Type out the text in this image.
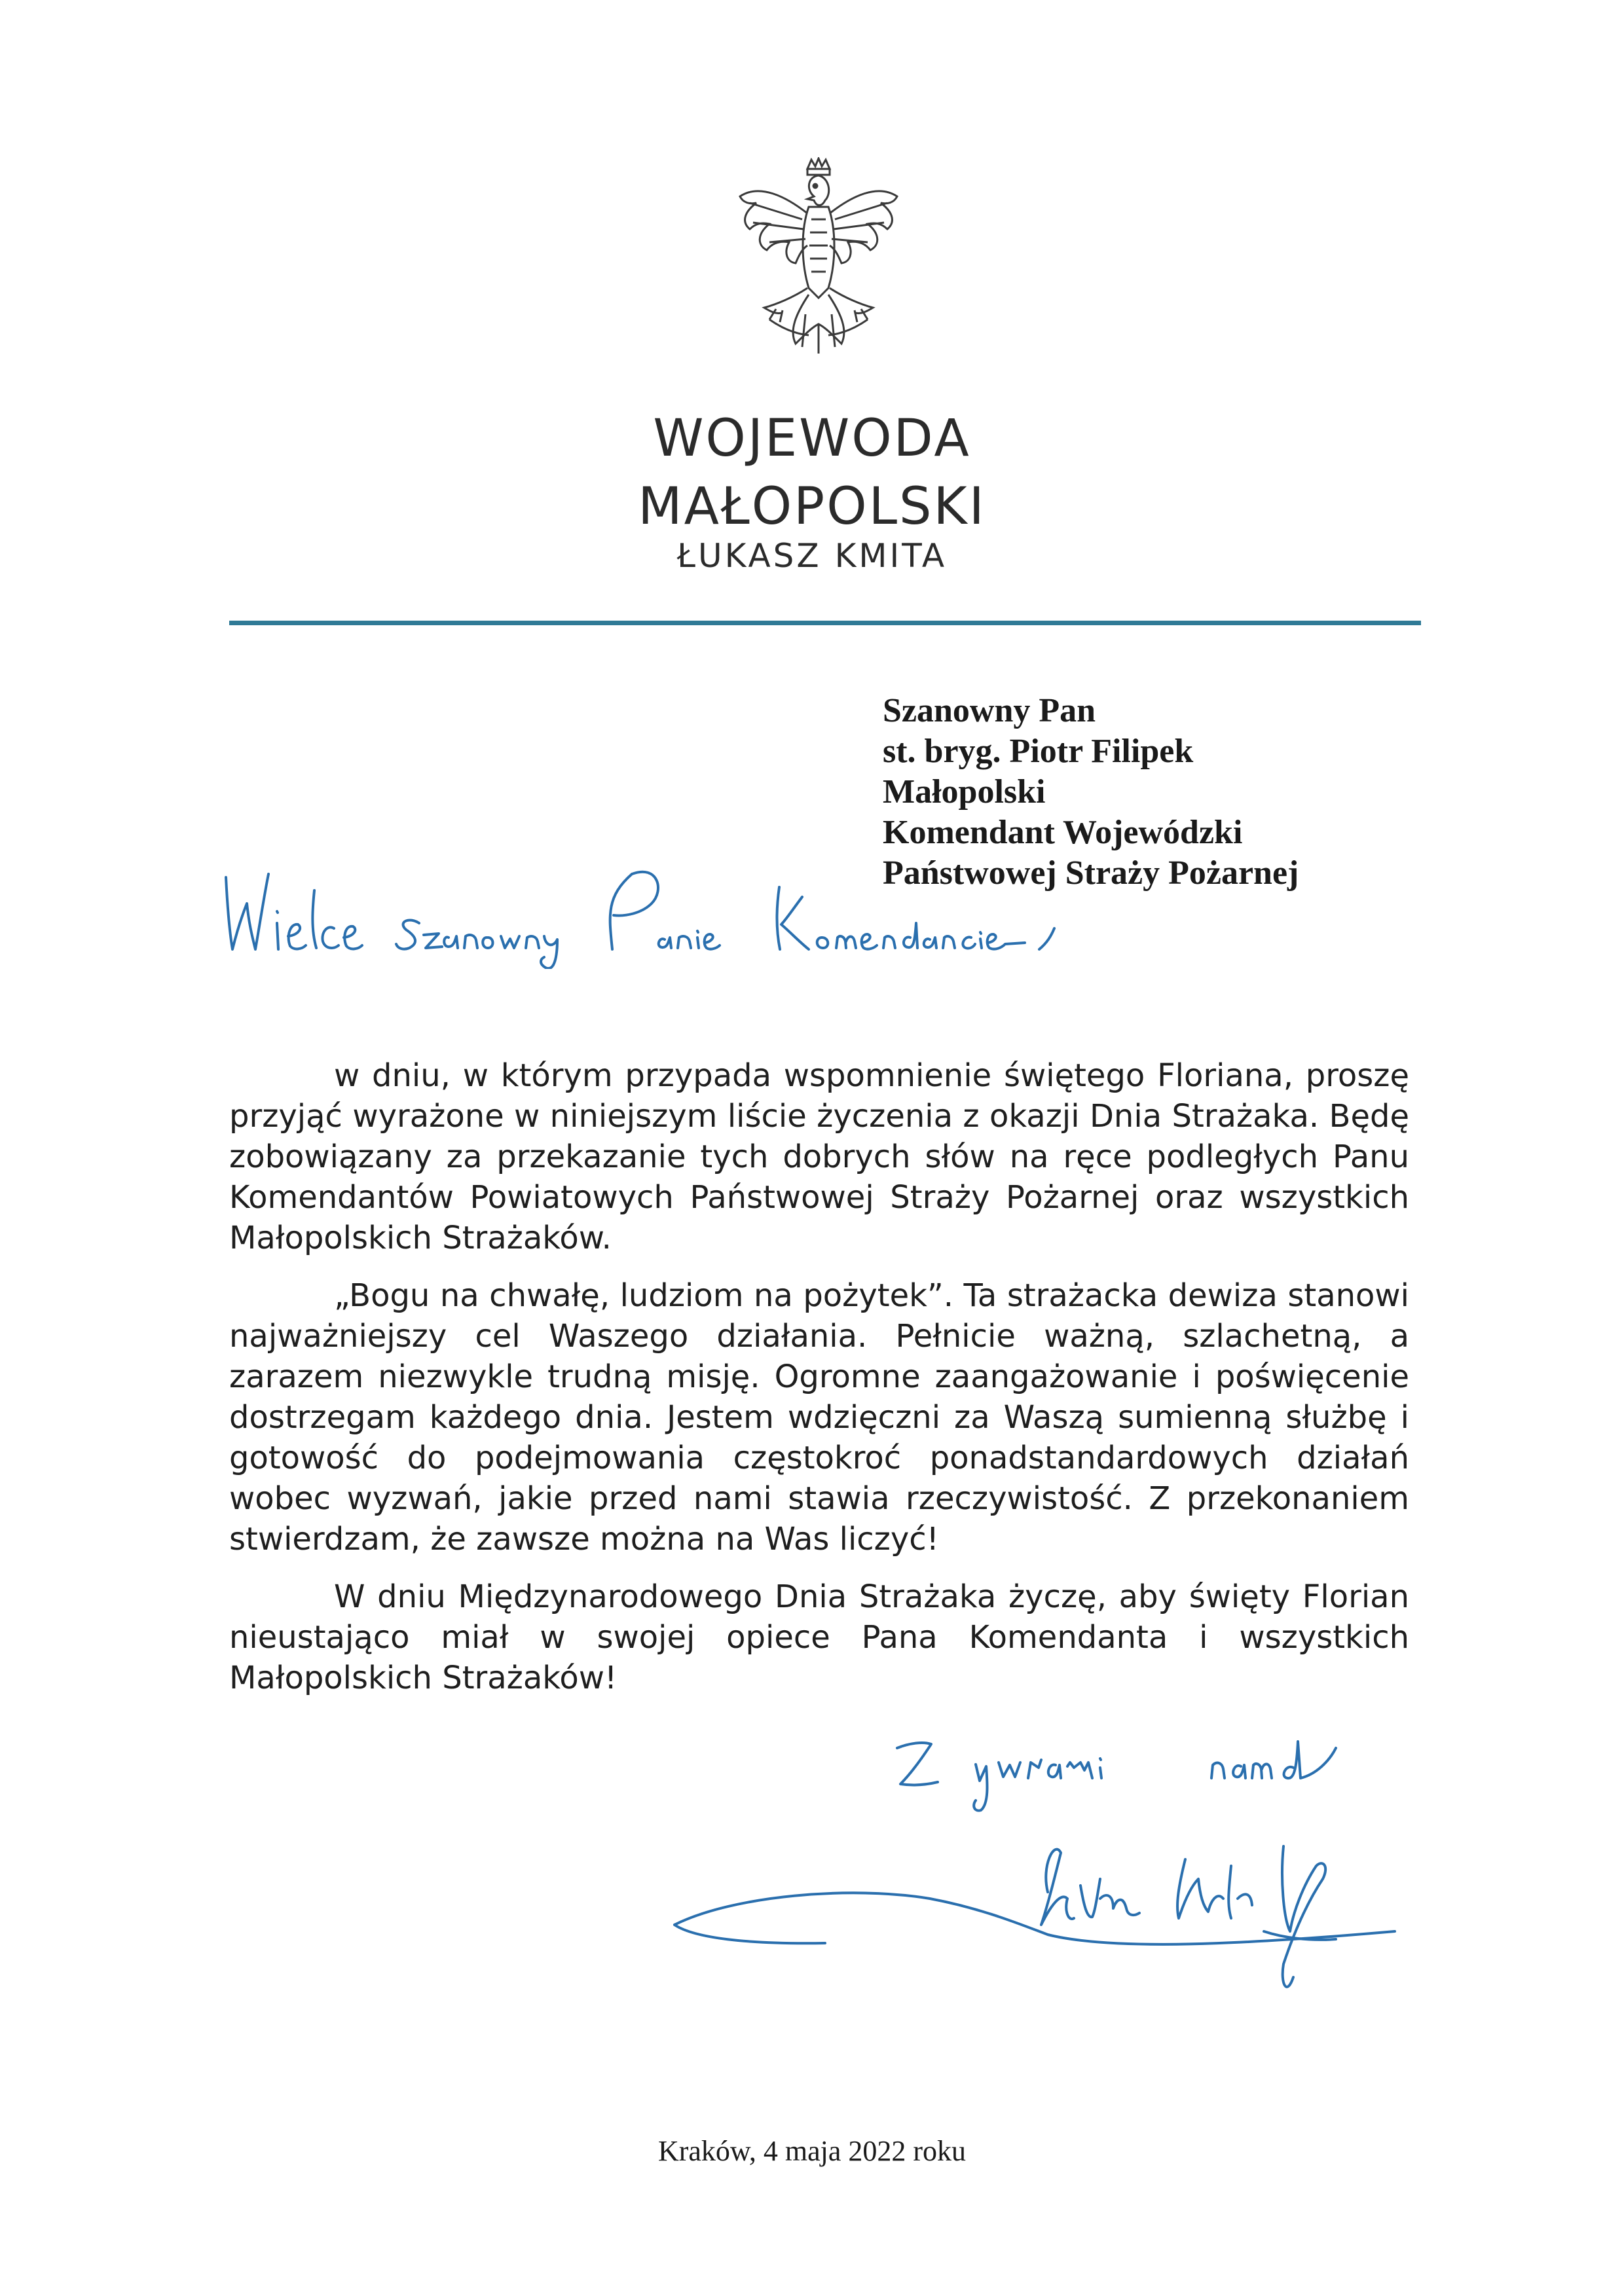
WOJEWODA
MAŁOPOLSKI
ŁUKASZ KMITA
Szanowny Pan
st. bryg. Piotr Filipek
Małopolski
Komendant Wojewódzki
Państwowej Straży Pożarnej

w dniu, w którym przypada wspomnienie świętego Floriana, proszę przyjąć wyrażone w niniejszym liście życzenia z okazji Dnia Strażaka. Będę zobowiązany za przekazanie tych dobrych słów na ręce podległych Panu Komendantów Powiatowych Państwowej Straży Pożarnej oraz wszystkich Małopolskich Strażaków.

„Bogu na chwałę, ludziom na pożytek”. Ta strażacka dewiza stanowi najważniejszy cel Waszego działania. Pełnicie ważną, szlachetną, a zarazem niezwykle trudną misję. Ogromne zaangażowanie i poświęcenie dostrzegam każdego dnia. Jestem wdzięczni za Waszą sumienną służbę i gotowość do podejmowania częstokroć ponadstandardowych działań wobec wyzwań, jakie przed nami stawia rzeczywistość. Z przekonaniem stwierdzam, że zawsze można na Was liczyć!

W dniu Międzynarodowego Dnia Strażaka życzę, aby święty Florian nieustająco miał w swojej opiece Pana Komendanta i wszystkich Małopolskich Strażaków!

Kraków, 4 maja 2022 roku
